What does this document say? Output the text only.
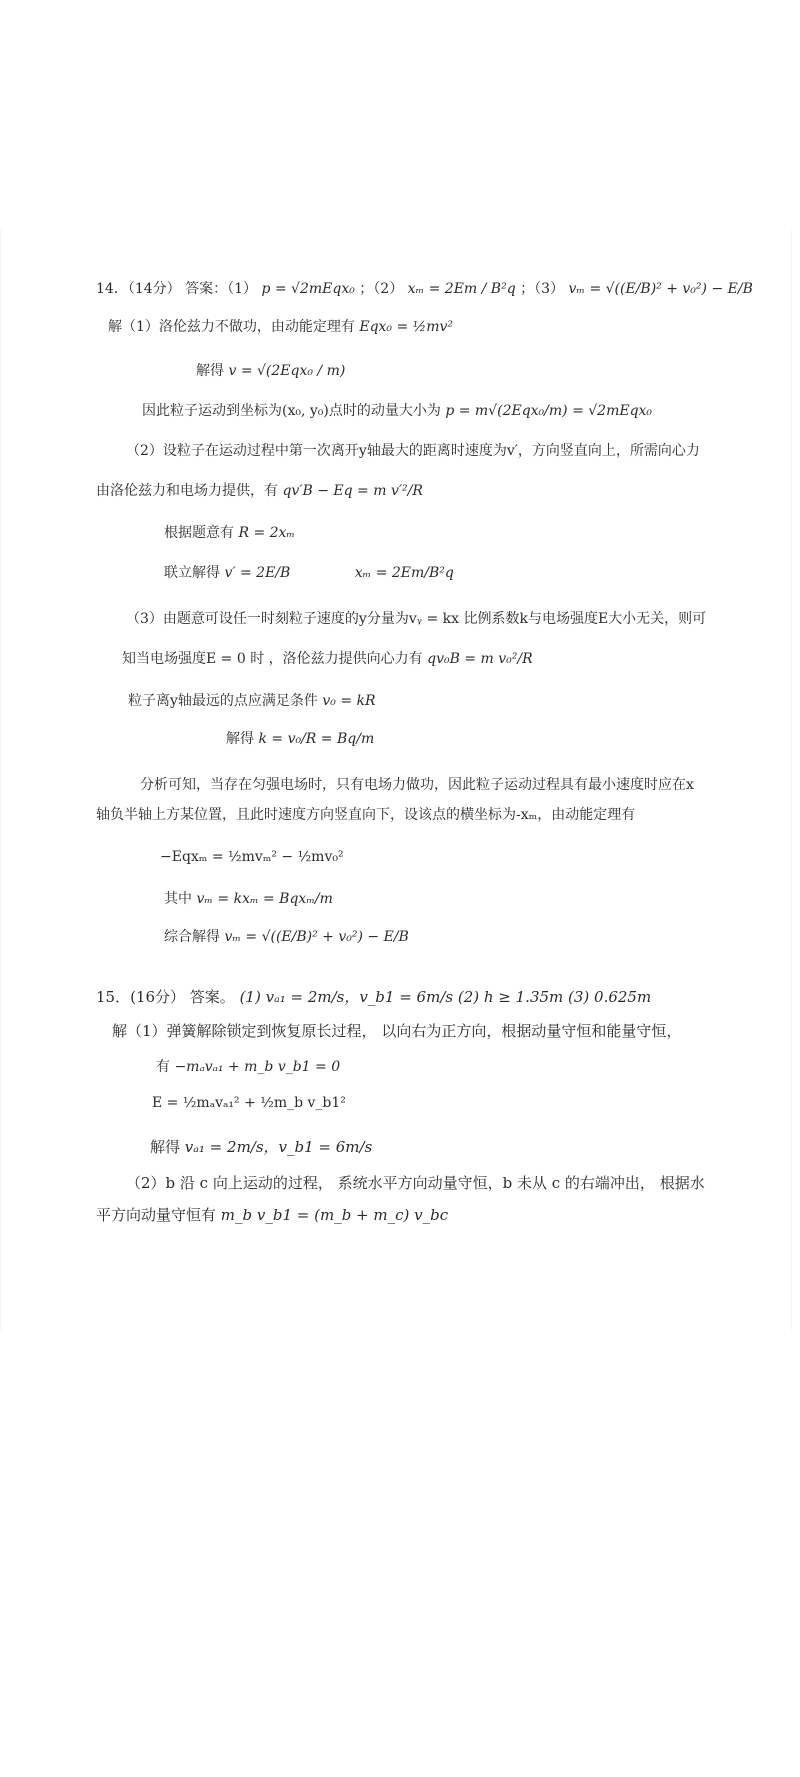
14．（14分） 答案：（1） p = √2mEqx₀ ；（2） xₘ = 2Em / B²q ；（3） vₘ = √((E/B)² + v₀²) − E/B
解（1）洛伦兹力不做功，由动能定理有 Eqx₀ = ½mv²
解得 v = √(2Eqx₀ / m)
因此粒子运动到坐标为(x₀, y₀)点时的动量大小为 p = m√(2Eqx₀/m) = √2mEqx₀
（2）设粒子在运动过程中第一次离开y轴最大的距离时速度为v′，方向竖直向上，所需向心力
由洛伦兹力和电场力提供，有 qv′B − Eq = m v′²/R
根据题意有 R = 2xₘ
联立解得 v′ = 2E/B	xₘ = 2Em/B²q
（3）由题意可设任一时刻粒子速度的y分量为vᵧ = kx 比例系数k与电场强度E大小无关，则可
知当电场强度E = 0 时 ，洛伦兹力提供向心力有 qv₀B = m v₀²/R
粒子离y轴最远的点应满足条件 v₀ = kR
解得 k = v₀/R = Bq/m
分析可知，当存在匀强电场时，只有电场力做功，因此粒子运动过程具有最小速度时应在x
轴负半轴上方某位置，且此时速度方向竖直向下，设该点的横坐标为-xₘ，由动能定理有
−Eqxₘ = ½mvₘ² − ½mv₀²
其中 vₘ = kxₘ = Bqxₘ/m
综合解得 vₘ = √((E/B)² + v₀²) − E/B
15．(16分） 答案。 (1) vₐ₁ = 2m/s，v_b1 = 6m/s (2) h ≥ 1.35m (3) 0.625m
解（1）弹簧解除锁定到恢复原长过程， 以向右为正方向，根据动量守恒和能量守恒，
有 −mₐvₐ₁ + m_b v_b1 = 0
E = ½mₐvₐ₁² + ½m_b v_b1²
解得 vₐ₁ = 2m/s，v_b1 = 6m/s
（2）b 沿 c 向上运动的过程， 系统水平方向动量守恒，b 未从 c 的右端冲出， 根据水
平方向动量守恒有 m_b v_b1 = (m_b + m_c) v_bc
